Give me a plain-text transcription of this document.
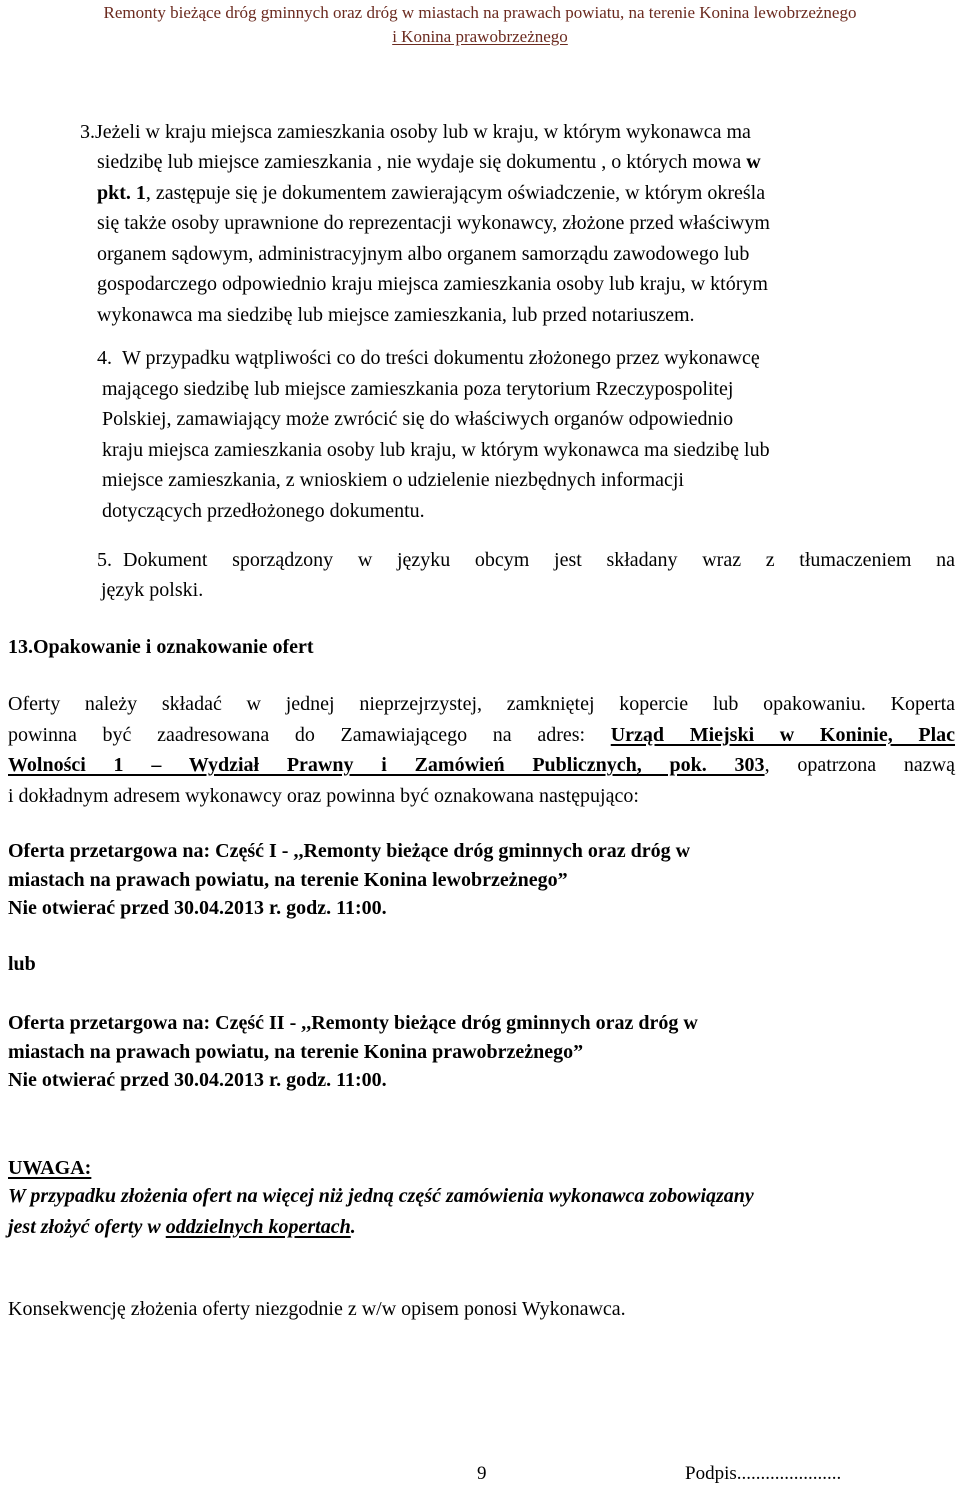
Remonty bieżące dróg gminnych oraz dróg w miastach na prawach powiatu, na terenie Konina lewobrzeżnego
i Konina prawobrzeżnego
3.Jeżeli w kraju miejsca zamieszkania osoby lub w kraju, w którym wykonawca ma
siedzibę lub miejsce zamieszkania , nie wydaje się dokumentu , o których mowa w
pkt. 1, zastępuje się je dokumentem zawierającym oświadczenie, w którym określa
się także osoby uprawnione do reprezentacji wykonawcy, złożone przed właściwym
organem sądowym, administracyjnym albo organem samorządu zawodowego lub
gospodarczego odpowiednio kraju miejsca zamieszkania osoby lub kraju, w którym
wykonawca ma siedzibę lub miejsce zamieszkania, lub przed notariuszem.
4. W przypadku wątpliwości co do treści dokumentu złożonego przez wykonawcę
mającego siedzibę lub miejsce zamieszkania poza terytorium Rzeczypospolitej
Polskiej, zamawiający może zwrócić się do właściwych organów odpowiednio
kraju miejsca zamieszkania osoby lub kraju, w którym wykonawca ma siedzibę lub
miejsce zamieszkania, z wnioskiem o udzielenie niezbędnych informacji
dotyczących przedłożonego dokumentu.
5. Dokument sporządzony w języku obcym jest składany wraz z tłumaczeniem na
język polski.
13.Opakowanie i oznakowanie ofert
Oferty należy składać w jednej nieprzejrzystej, zamkniętej kopercie lub opakowaniu. Koperta
powinna być zaadresowana do Zamawiającego na adres: Urząd Miejski w Koninie, Plac
Wolności 1 – Wydział Prawny i Zamówień Publicznych, pok. 303, opatrzona nazwą
i dokładnym adresem wykonawcy oraz powinna być oznakowana następująco:
Oferta przetargowa na: Część I - ,,Remonty bieżące dróg gminnych oraz dróg w
miastach na prawach powiatu, na terenie Konina lewobrzeżnego”
Nie otwierać przed 30.04.2013 r. godz. 11:00.
lub
Oferta przetargowa na: Część II - ,,Remonty bieżące dróg gminnych oraz dróg w
miastach na prawach powiatu, na terenie Konina prawobrzeżnego”
Nie otwierać przed 30.04.2013 r. godz. 11:00.
UWAGA:
W przypadku złożenia ofert na więcej niż jedną część zamówienia wykonawca zobowiązany
jest złożyć oferty w oddzielnych kopertach.
Konsekwencję złożenia oferty niezgodnie z w/w opisem ponosi Wykonawca.
9	Podpis......................
